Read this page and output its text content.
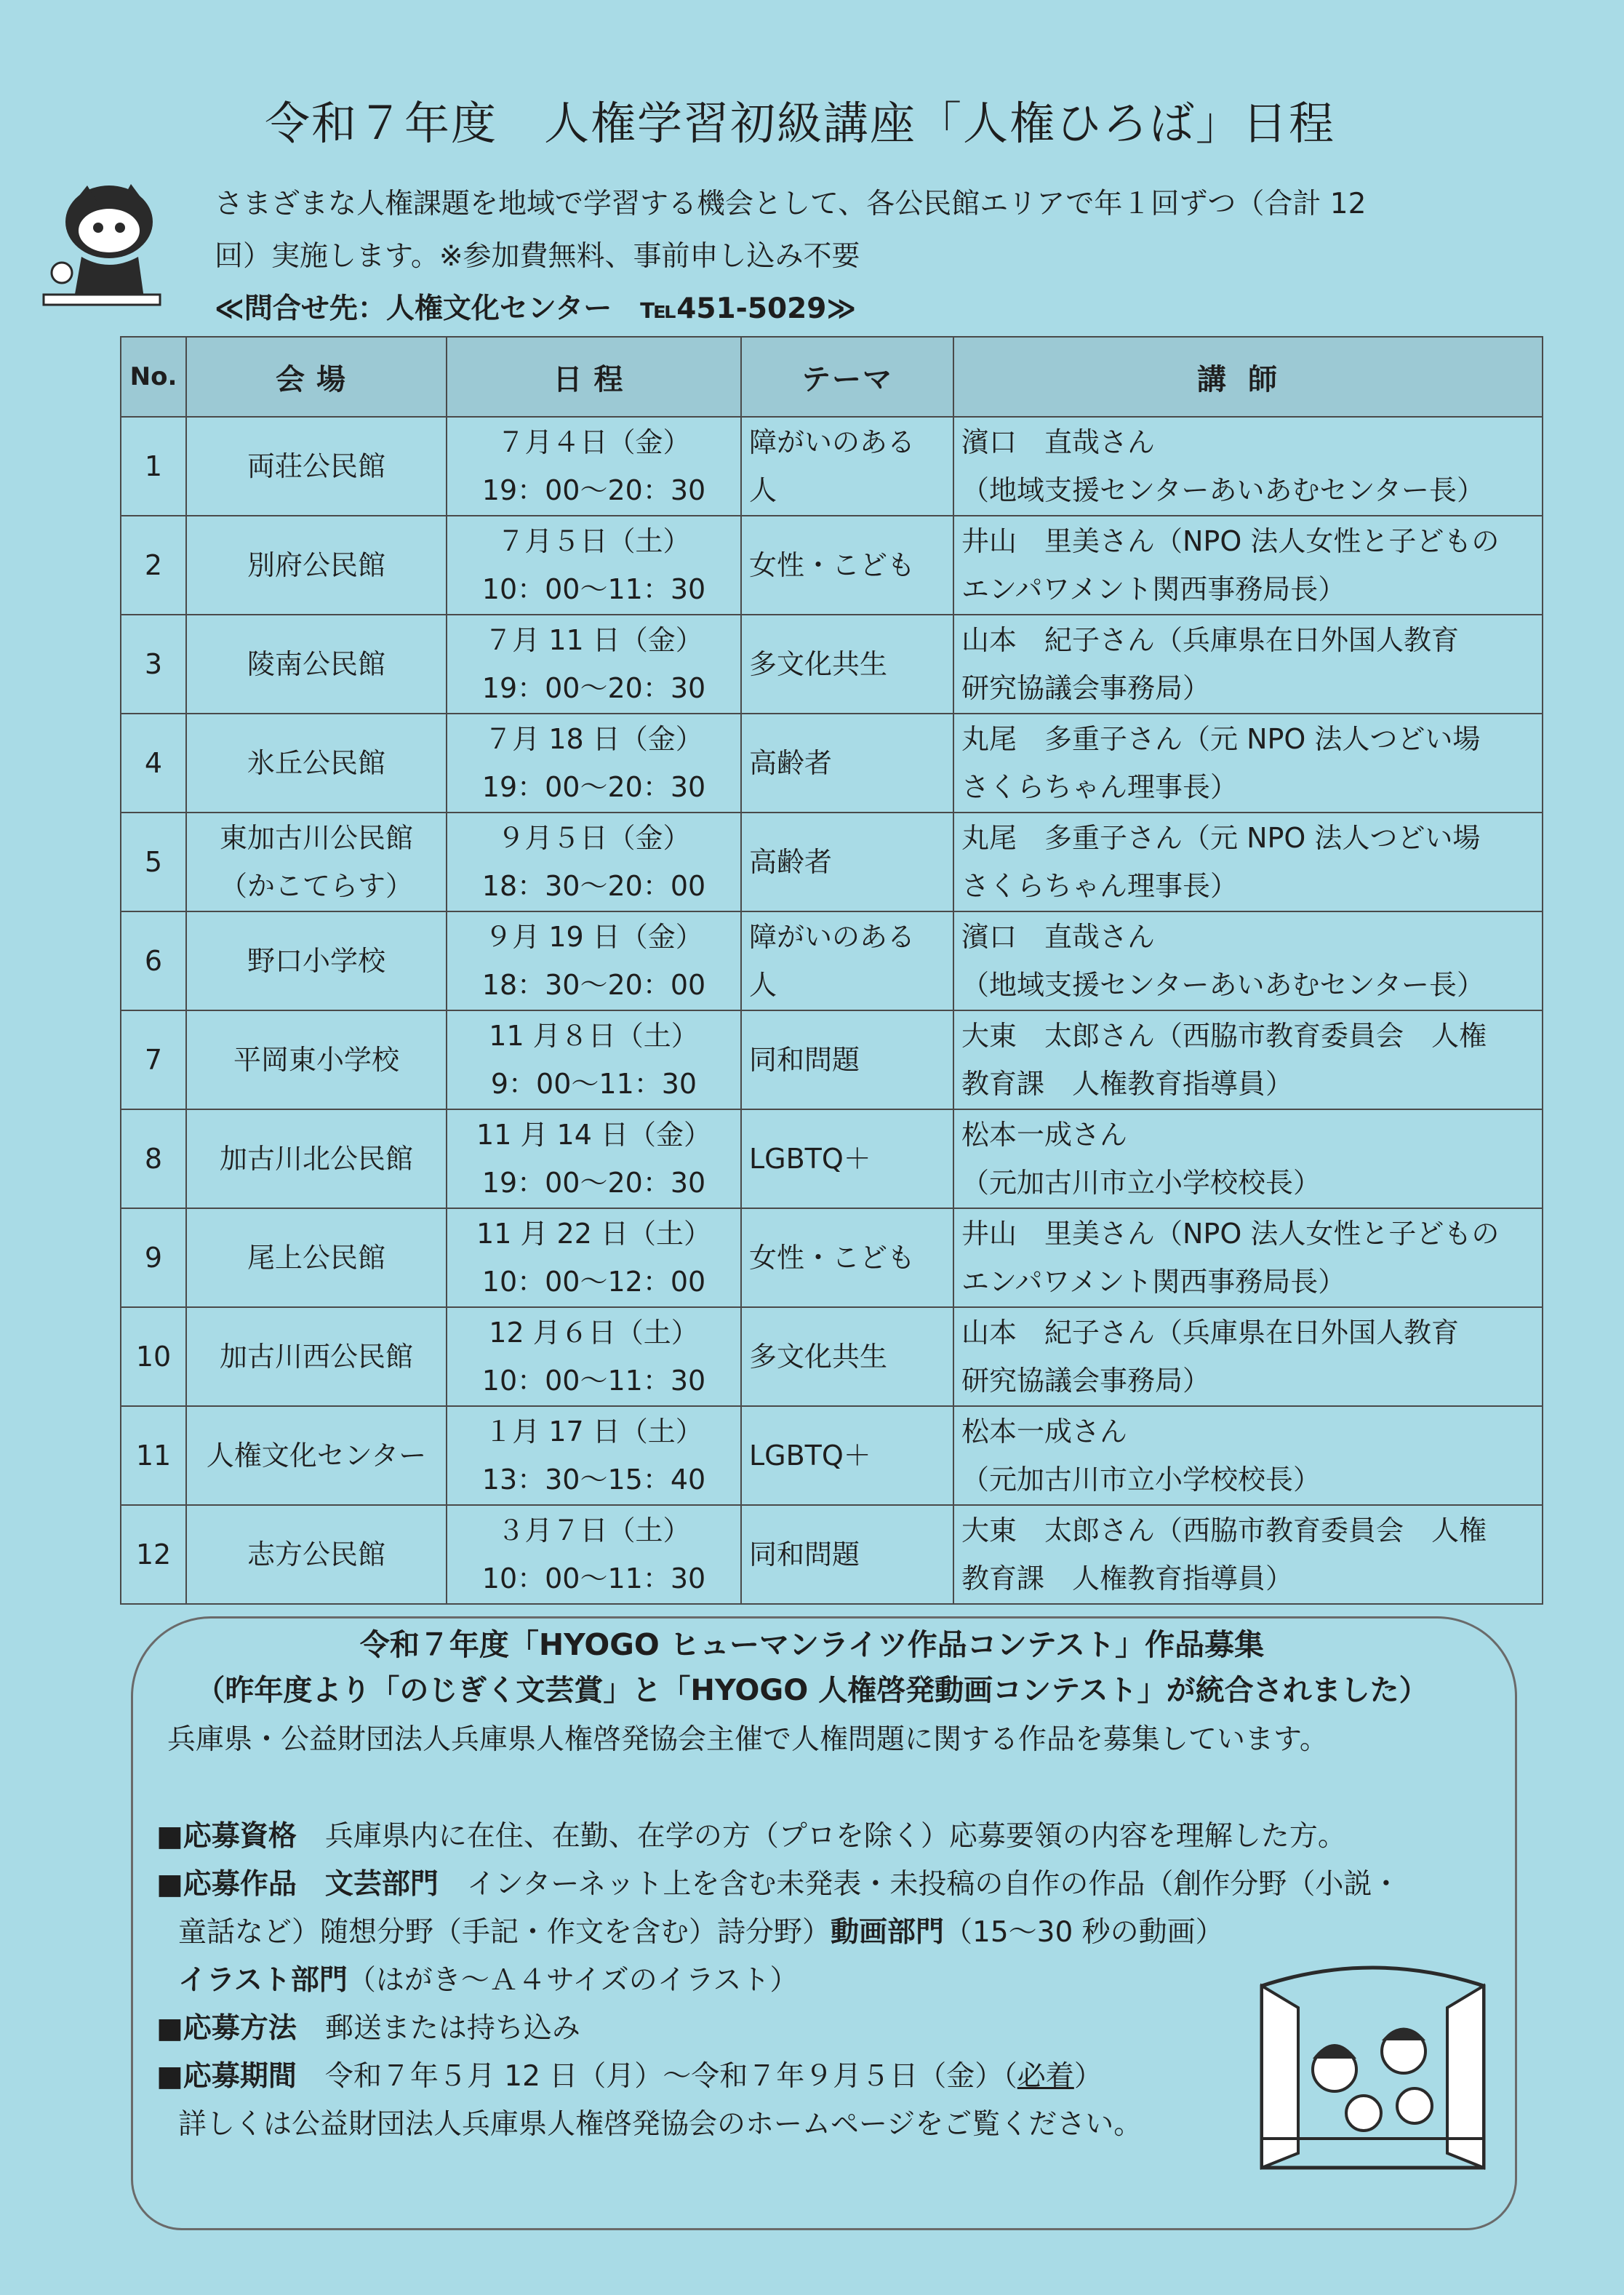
令和７年度　人権学習初級講座「人権ひろば」日程

さまざまな人権課題を地域で学習する機会として、各公民館エリアで年１回ずつ（合計 12

回）実施します。※参加費無料、事前申し込み不要

≪問合せ先：人権文化センター　℡451-5029≫

No.	会場	日程	テーマ	講師
1	両荘公民館	７月４日（金）
19：00～20：30	障がいのある
人	濱口　直哉さん
（地域支援センターあいあむセンター長）

2	別府公民館	７月５日（土）
10：00～11：30	女性・こども	井山　里美さん（NPO 法人女性と子どもの
エンパワメント関西事務局長）

3	陵南公民館	７月 11 日（金）
19：00～20：30	多文化共生	山本　紀子さん（兵庫県在日外国人教育
研究協議会事務局）

4	氷丘公民館	７月 18 日（金）
19：00～20：30	高齢者	丸尾　多重子さん（元 NPO 法人つどい場
さくらちゃん理事長）

5	東加古川公民館
（かこてらす）	９月５日（金）
18：30～20：00	高齢者	丸尾　多重子さん（元 NPO 法人つどい場
さくらちゃん理事長）

6	野口小学校	９月 19 日（金）
18：30～20：00	障がいのある
人	濱口　直哉さん
（地域支援センターあいあむセンター長）

7	平岡東小学校	11 月８日（土）
9：00～11：30	同和問題	大東　太郎さん（西脇市教育委員会　人権
教育課　人権教育指導員）

8	加古川北公民館	11 月 14 日（金）
19：00～20：30	LGBTQ＋	松本一成さん
（元加古川市立小学校校長）

9	尾上公民館	11 月 22 日（土）
10：00～12：00	女性・こども	井山　里美さん（NPO 法人女性と子どもの
エンパワメント関西事務局長）

10	加古川西公民館	12 月６日（土）
10：00～11：30	多文化共生	山本　紀子さん（兵庫県在日外国人教育
研究協議会事務局）

11	人権文化センター	１月 17 日（土）
13：30～15：40	LGBTQ＋	松本一成さん
（元加古川市立小学校校長）

12	志方公民館	３月７日（土）
10：00～11：30	同和問題	大東　太郎さん（西脇市教育委員会　人権
教育課　人権教育指導員）
令和７年度「HYOGO ヒューマンライツ作品コンテスト」作品募集
（昨年度より「のじぎく文芸賞」と「HYOGO 人権啓発動画コンテスト」が統合されました）
兵庫県・公益財団法人兵庫県人権啓発協会主催で人権問題に関する作品を募集しています。

■応募資格　 兵庫県内に在住、在勤、在学の方（プロを除く）応募要領の内容を理解した方。

■応募作品　 文芸部門　 インターネット上を含む未発表・未投稿の自作の作品（創作分野（小説・

童話など）随想分野（手記・作文を含む）詩分野）動画部門（15～30 秒の動画）

イラスト部門（はがき～Ａ４サイズのイラスト）

■応募方法　 郵送または持ち込み

■応募期間　 令和７年５月 12 日（月）～令和７年９月５日（金）（必着）

詳しくは公益財団法人兵庫県人権啓発協会のホームページをご覧ください。
